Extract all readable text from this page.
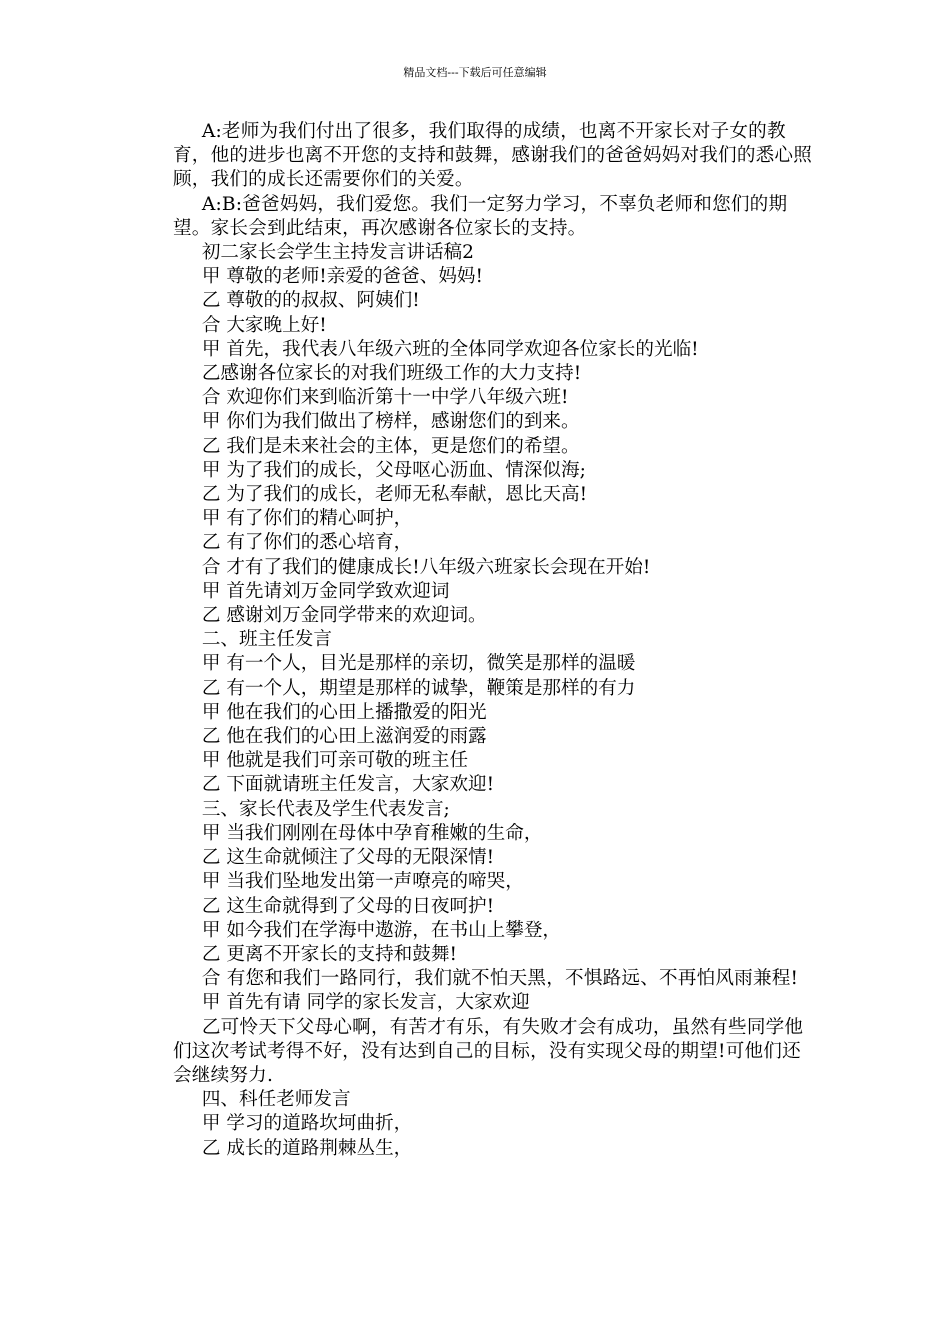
精品文档---下载后可任意编辑

A:老师为我们付出了很多，我们取得的成绩，也离不开家长对子女的教育，他的进步也离不开您的支持和鼓舞，感谢我们的爸爸妈妈对我们的悉心照顾，我们的成长还需要你们的关爱。

A:B:爸爸妈妈，我们爱您。我们一定努力学习，不辜负老师和您们的期望。家长会到此结束，再次感谢各位家长的支持。

初二家长会学生主持发言讲话稿2

甲 尊敬的老师!亲爱的爸爸、妈妈!

乙 尊敬的的叔叔、阿姨们!

合 大家晚上好!

甲 首先，我代表八年级六班的全体同学欢迎各位家长的光临!

乙感谢各位家长的对我们班级工作的大力支持!

合 欢迎你们来到临沂第十一中学八年级六班!

甲 你们为我们做出了榜样，感谢您们的到来。

乙 我们是未来社会的主体，更是您们的希望。

甲 为了我们的成长，父母呕心沥血、情深似海;

乙 为了我们的成长，老师无私奉献，恩比天高!

甲 有了你们的精心呵护，

乙 有了你们的悉心培育，

合 才有了我们的健康成长!八年级六班家长会现在开始!

甲 首先请刘万金同学致欢迎词

乙 感谢刘万金同学带来的欢迎词。

二、班主任发言

甲 有一个人，目光是那样的亲切，微笑是那样的温暖

乙 有一个人，期望是那样的诚挚，鞭策是那样的有力

甲 他在我们的心田上播撒爱的阳光

乙 他在我们的心田上滋润爱的雨露

甲 他就是我们可亲可敬的班主任

乙 下面就请班主任发言，大家欢迎!

三、家长代表及学生代表发言;

甲 当我们刚刚在母体中孕育稚嫩的生命，

乙 这生命就倾注了父母的无限深情!

甲 当我们坠地发出第一声嘹亮的啼哭，

乙 这生命就得到了父母的日夜呵护!

甲 如今我们在学海中遨游，在书山上攀登，

乙 更离不开家长的支持和鼓舞!

合 有您和我们一路同行，我们就不怕天黑，不惧路远、不再怕风雨兼程!

甲 首先有请 同学的家长发言，大家欢迎

乙可怜天下父母心啊，有苦才有乐，有失败才会有成功，虽然有些同学他们这次考试考得不好，没有达到自己的目标，没有实现父母的期望!可他们还会继续努力.

四、科任老师发言

甲 学习的道路坎坷曲折，

乙 成长的道路荆棘丛生，
